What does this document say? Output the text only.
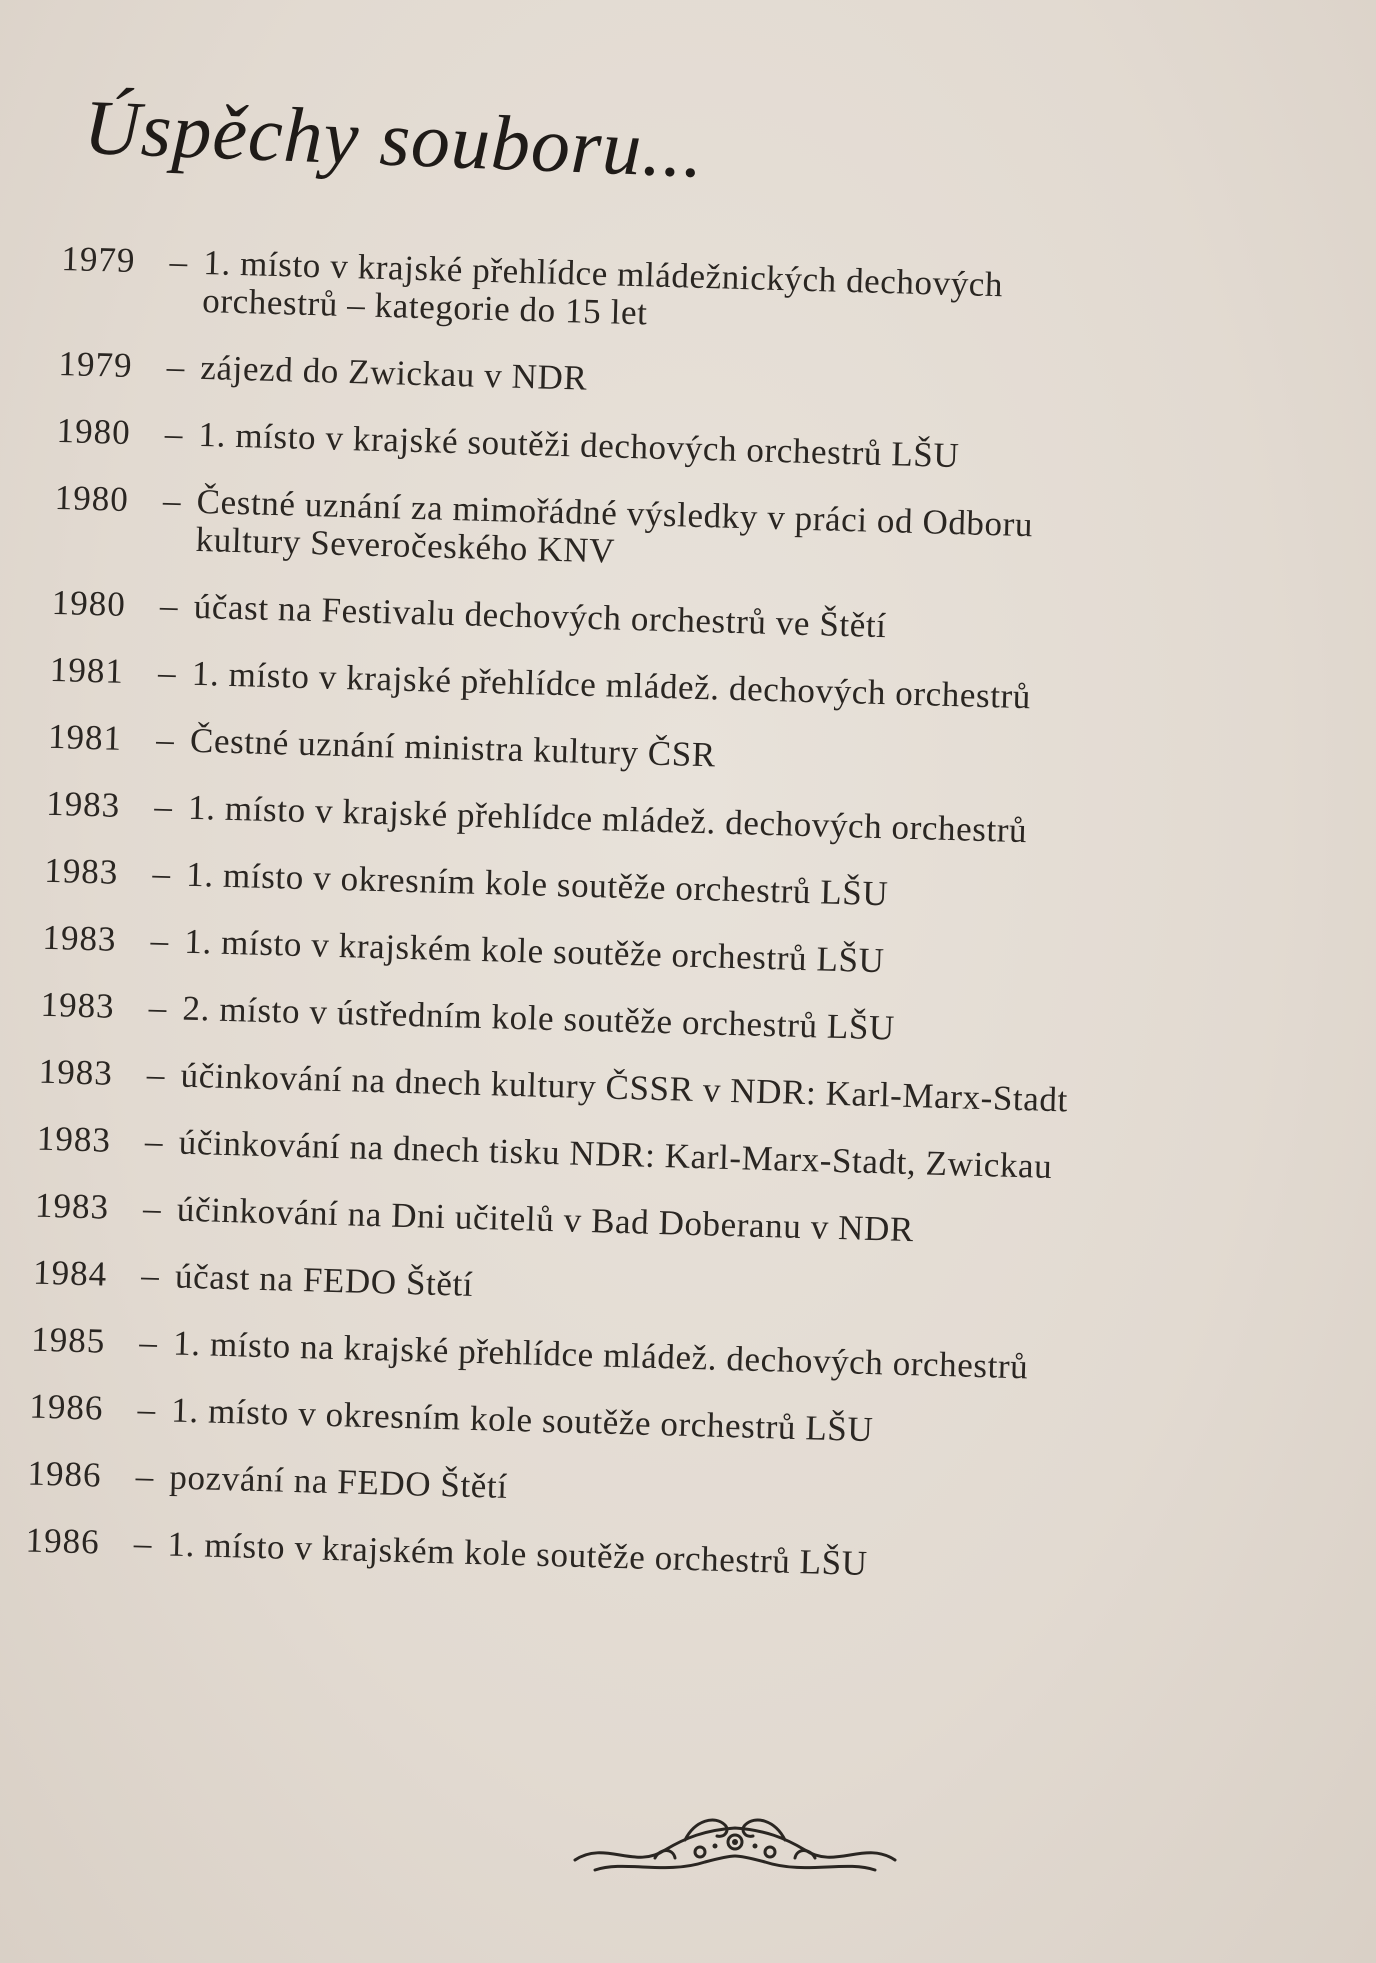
Úspěchy souboru...
1979 – 1. místo v krajské přehlídce mládežnických dechových
orchestrů – kategorie do 15 let
1979 – zájezd do Zwickau v NDR
1980 – 1. místo v krajské soutěži dechových orchestrů LŠU
1980 – Čestné uznání za mimořádné výsledky v práci od Odboru
kultury Severočeského KNV
1980 – účast na Festivalu dechových orchestrů ve Štětí
1981 – 1. místo v krajské přehlídce mládež. dechových orchestrů
1981 – Čestné uznání ministra kultury ČSR
1983 – 1. místo v krajské přehlídce mládež. dechových orchestrů
1983 – 1. místo v okresním kole soutěže orchestrů LŠU
1983 – 1. místo v krajském kole soutěže orchestrů LŠU
1983 – 2. místo v ústředním kole soutěže orchestrů LŠU
1983 – účinkování na dnech kultury ČSSR v NDR: Karl-Marx-Stadt
1983 – účinkování na dnech tisku NDR: Karl-Marx-Stadt, Zwickau
1983 – účinkování na Dni učitelů v Bad Doberanu v NDR
1984 – účast na FEDO Štětí
1985 – 1. místo na krajské přehlídce mládež. dechových orchestrů
1986 – 1. místo v okresním kole soutěže orchestrů LŠU
1986 – pozvání na FEDO Štětí
1986 – 1. místo v krajském kole soutěže orchestrů LŠU
